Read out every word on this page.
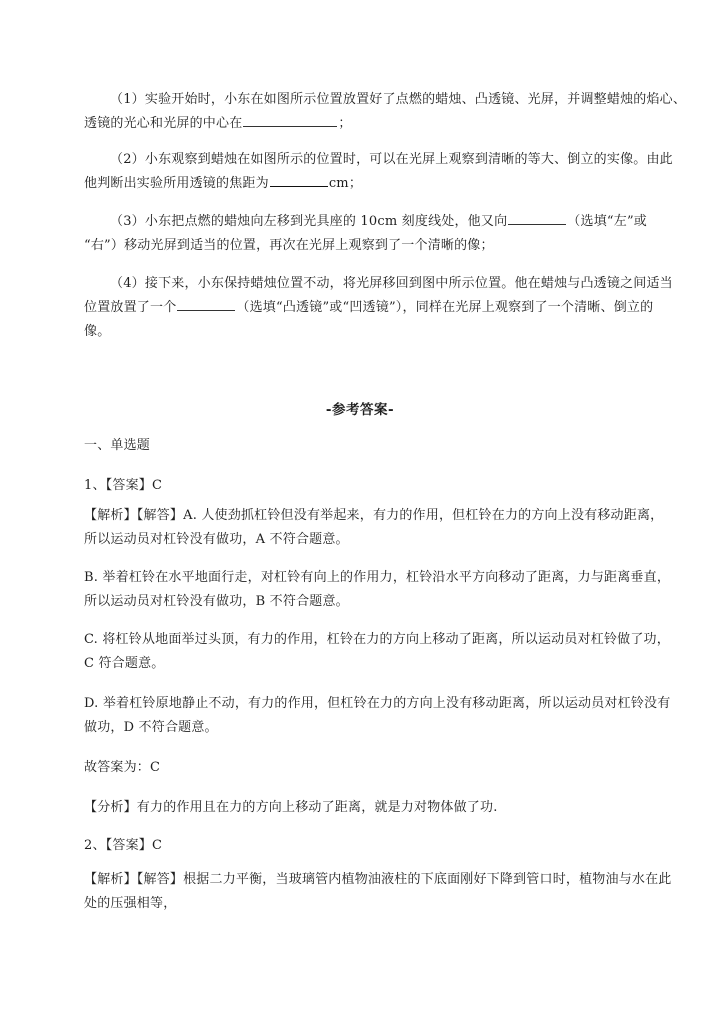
（1）实验开始时，小东在如图所示位置放置好了点燃的蜡烛、凸透镜、光屏，并调整蜡烛的焰心、
透镜的光心和光屏的中心在	；
（2）小东观察到蜡烛在如图所示的位置时，可以在光屏上观察到清晰的等大、倒立的实像。由此
他判断出实验所用透镜的焦距为	cm；
（3）小东把点燃的蜡烛向左移到光具座的 10cm 刻度线处，他又向	（选填“左”或
“右”）移动光屏到适当的位置，再次在光屏上观察到了一个清晰的像；
（4）接下来，小东保持蜡烛位置不动，将光屏移回到图中所示位置。他在蜡烛与凸透镜之间适当
位置放置了一个	（选填“凸透镜”或“凹透镜”），同样在光屏上观察到了一个清晰、倒立的
像。
-参考答案-
一、单选题
1、【答案】C
【解析】【解答】A. 人使劲抓杠铃但没有举起来，有力的作用，但杠铃在力的方向上没有移动距离，
所以运动员对杠铃没有做功，A 不符合题意。
B. 举着杠铃在水平地面行走，对杠铃有向上的作用力，杠铃沿水平方向移动了距离，力与距离垂直，
所以运动员对杠铃没有做功，B 不符合题意。
C. 将杠铃从地面举过头顶，有力的作用，杠铃在力的方向上移动了距离，所以运动员对杠铃做了功，
C 符合题意。
D. 举着杠铃原地静止不动，有力的作用，但杠铃在力的方向上没有移动距离，所以运动员对杠铃没有
做功，D 不符合题意。
故答案为：C
【分析】有力的作用且在力的方向上移动了距离，就是力对物体做了功.
2、【答案】C
【解析】【解答】根据二力平衡，当玻璃管内植物油液柱的下底面刚好下降到管口时，植物油与水在此
处的压强相等，
